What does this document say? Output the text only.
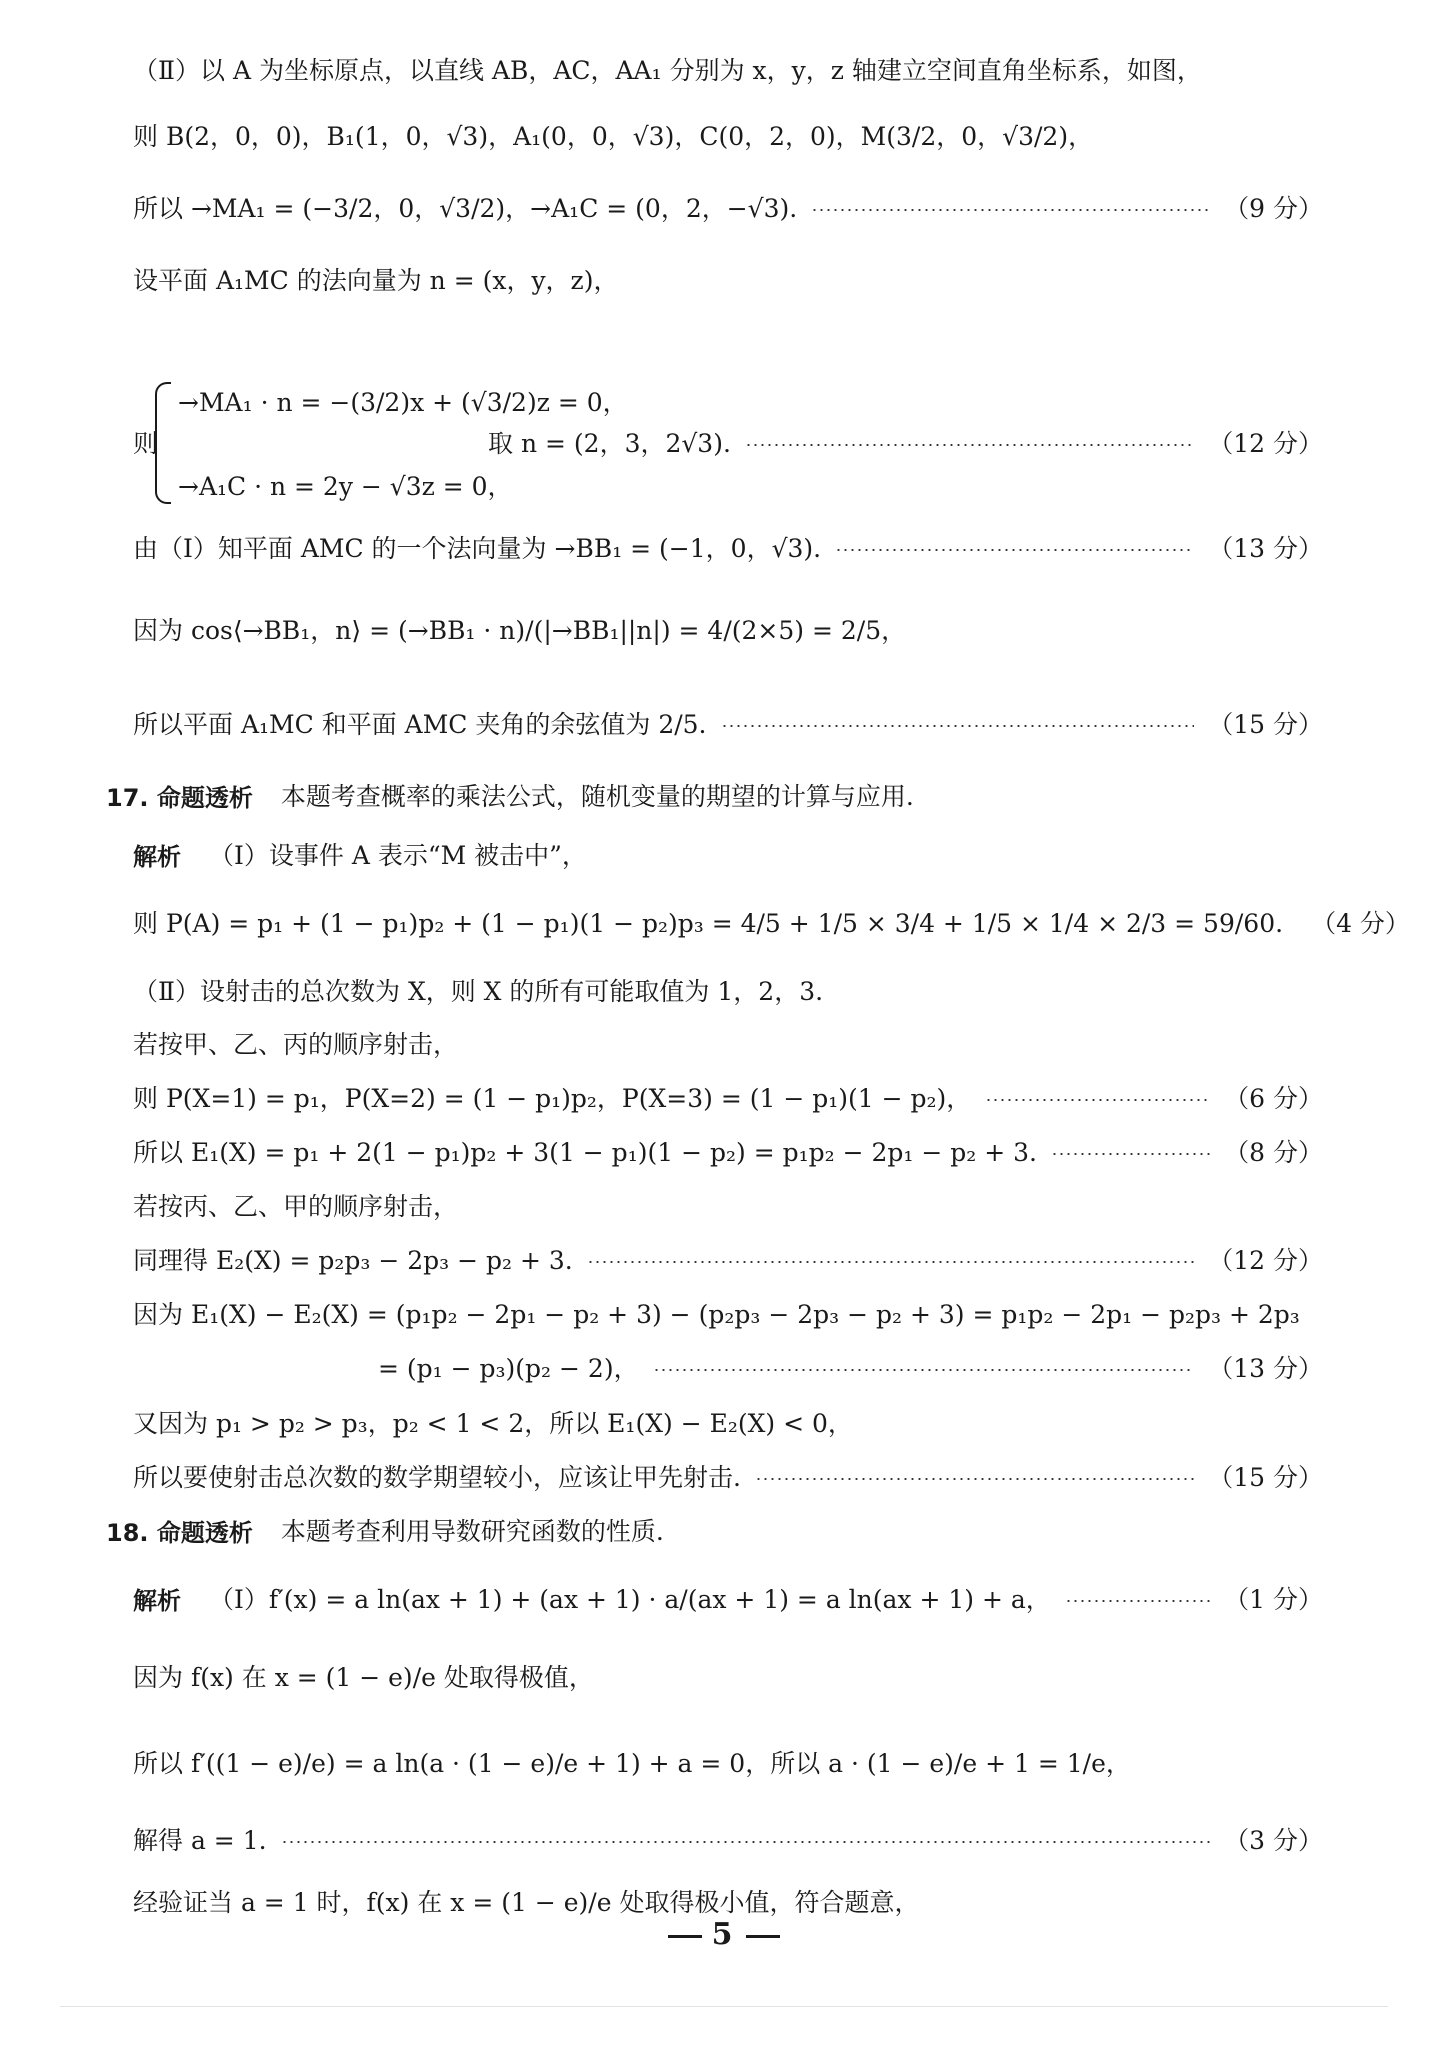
（Ⅱ）以 A 为坐标原点，以直线 AB，AC，AA₁ 分别为 x，y，z 轴建立空间直角坐标系，如图，
则 B(2，0，0)，B₁(1，0，√3)，A₁(0，0，√3)，C(0，2，0)，M(3/2，0，√3/2)，
所以 →MA₁ = (−3/2，0，√3/2)，→A₁C = (0，2，−√3).	（9 分）
设平面 A₁MC 的法向量为 n = (x，y，z)，
→MA₁ · n = −(3/2)x + (√3/2)z = 0，
则	取 n = (2，3，2√3).	（12 分）
→A₁C · n = 2y − √3z = 0，
由（Ⅰ）知平面 AMC 的一个法向量为 →BB₁ = (−1，0，√3).	（13 分）
因为 cos⟨→BB₁，n⟩ = (→BB₁ · n)/(|→BB₁||n|) = 4/(2×5) = 2/5，
所以平面 A₁MC 和平面 AMC 夹角的余弦值为 2/5.	（15 分）
17. 命题透析 本题考查概率的乘法公式，随机变量的期望的计算与应用.
解析 （Ⅰ）设事件 A 表示“M 被击中”，
则 P(A) = p₁ + (1 − p₁)p₂ + (1 − p₁)(1 − p₂)p₃ = 4/5 + 1/5 × 3/4 + 1/5 × 1/4 × 2/3 = 59/60. （4 分）
（Ⅱ）设射击的总次数为 X，则 X 的所有可能取值为 1，2，3.
若按甲、乙、丙的顺序射击，
则 P(X=1) = p₁，P(X=2) = (1 − p₁)p₂，P(X=3) = (1 − p₁)(1 − p₂)，	（6 分）
所以 E₁(X) = p₁ + 2(1 − p₁)p₂ + 3(1 − p₁)(1 − p₂) = p₁p₂ − 2p₁ − p₂ + 3.	（8 分）
若按丙、乙、甲的顺序射击，
同理得 E₂(X) = p₂p₃ − 2p₃ − p₂ + 3.	（12 分）
因为 E₁(X) − E₂(X) = (p₁p₂ − 2p₁ − p₂ + 3) − (p₂p₃ − 2p₃ − p₂ + 3) = p₁p₂ − 2p₁ − p₂p₃ + 2p₃
= (p₁ − p₃)(p₂ − 2)，	（13 分）
又因为 p₁ > p₂ > p₃，p₂ < 1 < 2，所以 E₁(X) − E₂(X) < 0，
所以要使射击总次数的数学期望较小，应该让甲先射击.	（15 分）
18. 命题透析 本题考查利用导数研究函数的性质.
解析 （Ⅰ）f′(x) = a ln(ax + 1) + (ax + 1) · a/(ax + 1) = a ln(ax + 1) + a，	（1 分）
因为 f(x) 在 x = (1 − e)/e 处取得极值，
所以 f′((1 − e)/e) = a ln(a · (1 − e)/e + 1) + a = 0，所以 a · (1 − e)/e + 1 = 1/e，
解得 a = 1.	（3 分）
经验证当 a = 1 时，f(x) 在 x = (1 − e)/e 处取得极小值，符合题意，
5
